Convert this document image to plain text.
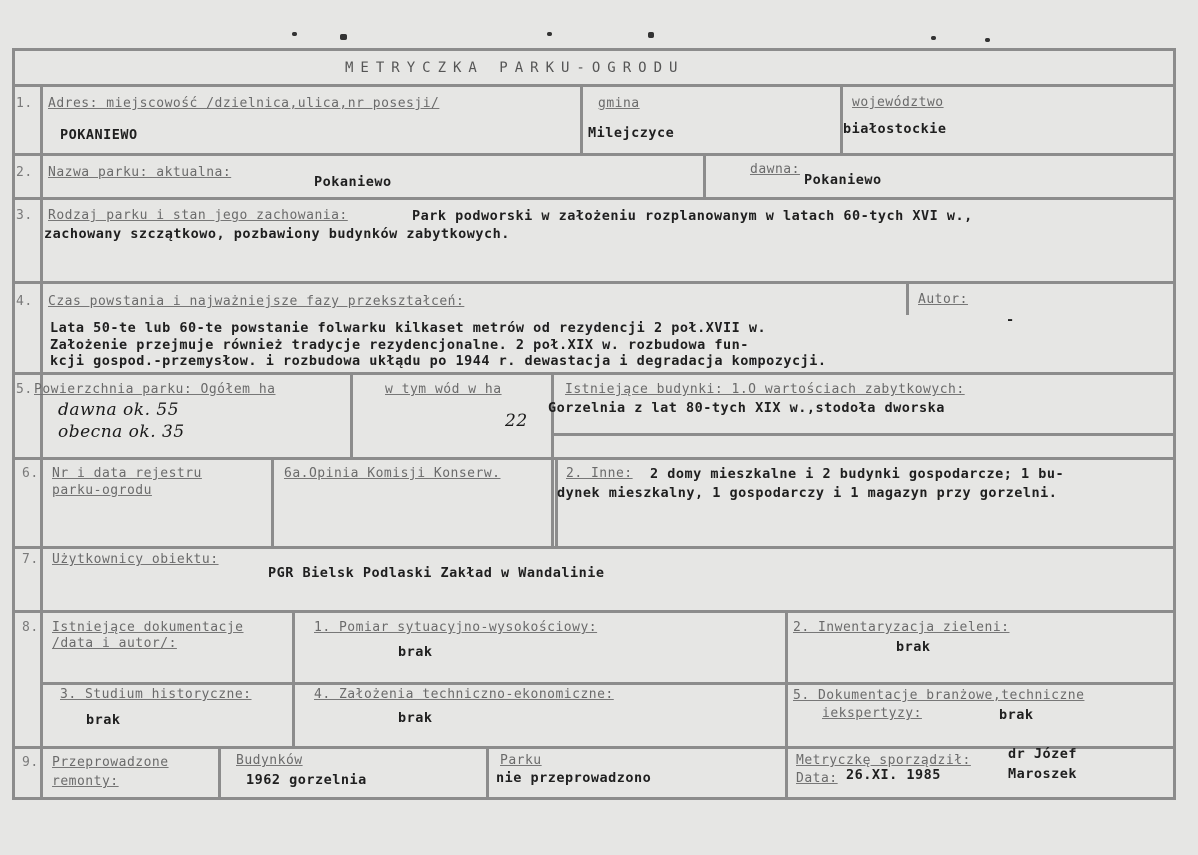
METRYCZKA PARKU-OGRODU
1. Adres: miejscowość /dzielnica,ulica,nr posesji/
POKANIEWO
gmina
Milejczyce
województwo
białostockie
2. Nazwa parku: aktualna:
Pokaniewo
dawna:
Pokaniewo
3. Rodzaj parku i stan jego zachowania:	Park podworski w założeniu rozplanowanym w latach 60-tych XVI w.,
zachowany szczątkowo, pozbawiony budynków zabytkowych.
4. Czas powstania i najważniejsze fazy przekształceń:	Autor:
-
Lata 50-te lub 60-te powstanie folwarku kilkaset metrów od rezydencji 2 poł.XVII w.
Założenie przejmuje również tradycje rezydencjonalne. 2 poł.XIX w. rozbudowa fun-
kcji gospod.-przemysłow. i rozbudowa ukłądu po 1944 r. dewastacja i degradacja kompozycji.
5. Powierzchnia parku: Ogółem ha
dawna ok. 55
obecna ok. 35
w tym wód w ha
22
Istniejące budynki: 1.O wartościach zabytkowych:
Gorzelnia z lat 80-tych XIX w.,stodoła dworska
6. Nr i data rejestru
parku-ogrodu
6a.Opinia Komisji Konserw.	2. Inne: 2 domy mieszkalne i 2 budynki gospodarcze; 1 bu-
dynek mieszkalny, 1 gospodarczy i 1 magazyn przy gorzelni.
7. Użytkownicy obiektu:
PGR Bielsk Podlaski Zakład w Wandalinie
8. Istniejące dokumentacje
/data i autor/:
1. Pomiar sytuacyjno-wysokościowy:
brak
2. Inwentaryzacja zieleni:
brak
3. Studium historyczne:
brak
4. Założenia techniczno-ekonomiczne:
brak
5. Dokumentacje branżowe,techniczne
iekspertyzy:	brak
9. Przeprowadzone
remonty:
Budynków
1962 gorzelnia
Parku
nie przeprowadzono
Metryczkę sporządził:	dr Józef
Maroszek
Data: 26.XI. 1985
